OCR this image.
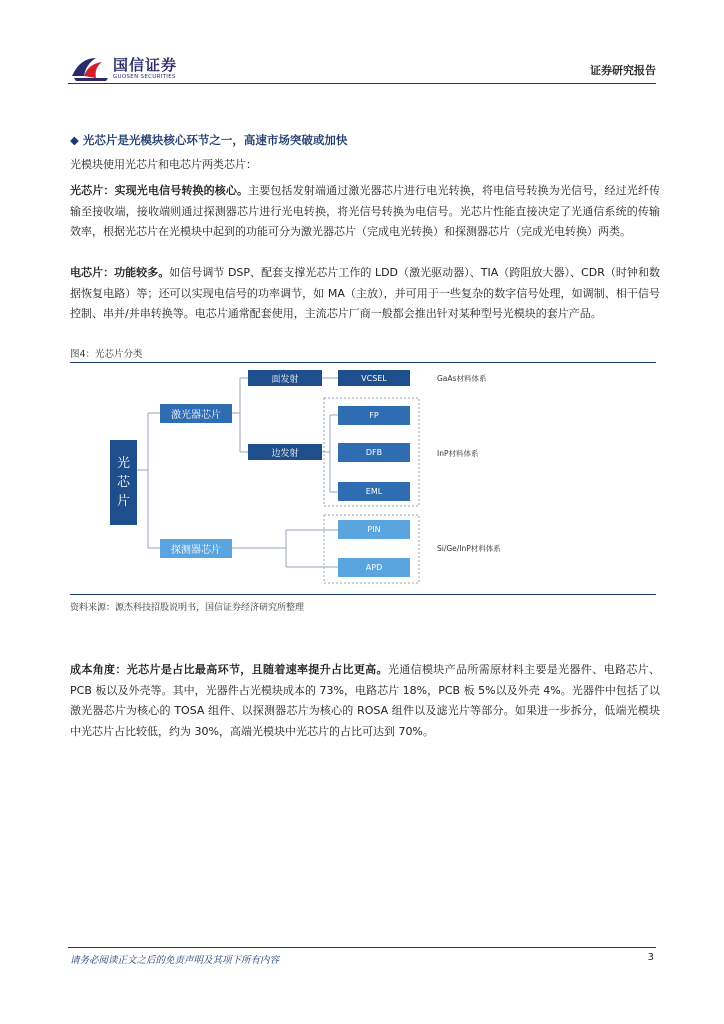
国信证券
GUOSEN SECURITIES	证券研究报告
◆ 光芯片是光模块核心环节之一，高速市场突破或加快
光模块使用光芯片和电芯片两类芯片：
光芯片：实现光电信号转换的核心。主要包括发射端通过激光器芯片进行电光转换，将电信号转换为光信号，经过光纤传输至接收端，接收端则通过探测器芯片进行光电转换，将光信号转换为电信号。光芯片性能直接决定了光通信系统的传输效率，根据光芯片在光模块中起到的功能可分为激光器芯片（完成电光转换）和探测器芯片（完成光电转换）两类。
电芯片：功能较多。如信号调节 DSP、配套支撑光芯片工作的 LDD（激光驱动器）、TIA（跨阻放大器）、CDR（时钟和数据恢复电路）等；还可以实现电信号的功率调节，如 MA（主放），并可用于一些复杂的数字信号处理，如调制、相干信号控制、串并/并串转换等。电芯片通常配套使用，主流芯片厂商一般都会推出针对某种型号光模块的套片产品。
图4：光芯片分类
光
芯
片
激光器芯片
探测器芯片
面发射
边发射
VCSEL
FP
DFB
EML
PIN
APD
GaAs材料体系
InP材料体系
Si/Ge/InP材料体系
资料来源：源杰科技招股说明书，国信证券经济研究所整理
成本角度：光芯片是占比最高环节，且随着速率提升占比更高。光通信模块产品所需原材料主要是光器件、电路芯片、PCB 板以及外壳等。其中，光器件占光模块成本的 73%，电路芯片 18%，PCB 板 5%以及外壳 4%。光器件中包括了以激光器芯片为核心的 TOSA 组件、以探测器芯片为核心的 ROSA 组件以及滤光片等部分。如果进一步拆分，低端光模块中光芯片占比较低，约为 30%，高端光模块中光芯片的占比可达到 70%。
请务必阅读正文之后的免责声明及其项下所有内容	3
